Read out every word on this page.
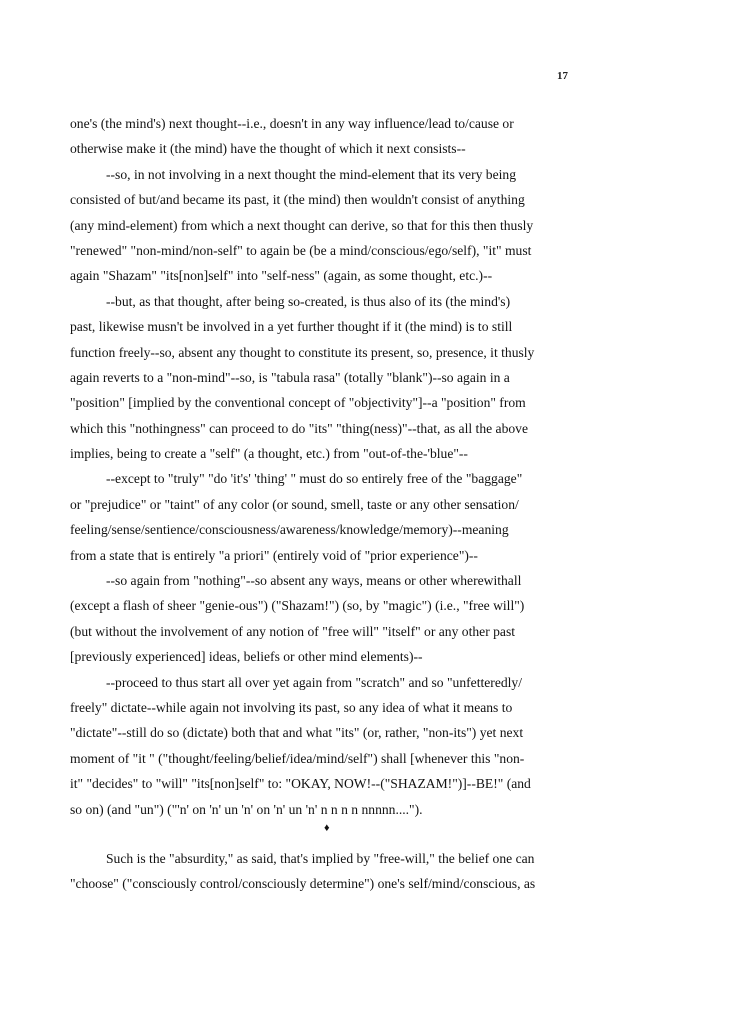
17
one's (the mind's) next thought--i.e., doesn't in any way influence/lead to/cause or
otherwise make it (the mind) have the thought of which it next consists--
--so, in not involving in a next thought the mind-element that its very being
consisted of but/and became its past, it (the mind) then wouldn't consist of anything
(any mind-element) from which a next thought can derive, so that for this then thusly
"renewed" "non-mind/non-self" to again be (be a mind/conscious/ego/self), "it" must
again "Shazam" "its[non]self" into "self-ness" (again, as some thought, etc.)--
--but, as that thought, after being so-created, is thus also of its (the mind's)
past, likewise musn't be involved in a yet further thought if it (the mind) is to still
function freely--so, absent any thought to constitute its present, so, presence, it thusly
again reverts to a "non-mind"--so, is "tabula rasa" (totally "blank")--so again in a
"position" [implied by the conventional concept of "objectivity"]--a "position" from
which this "nothingness" can proceed to do "its" "thing(ness)"--that, as all the above
implies, being to create a "self" (a thought, etc.) from "out-of-the-'blue"--
--except to "truly" "do 'it's' 'thing' " must do so entirely free of the "baggage"
or "prejudice" or "taint" of any color (or sound, smell, taste or any other sensation/
feeling/sense/sentience/consciousness/awareness/knowledge/memory)--meaning
from a state that is entirely "a priori" (entirely void of "prior experience")--
--so again from "nothing"--so absent any ways, means or other wherewithall
(except a flash of sheer "genie-ous") ("Shazam!") (so, by "magic") (i.e., "free will")
(but without the involvement of any notion of "free will" "itself" or any other past
[previously experienced] ideas, beliefs or other mind elements)--
--proceed to thus start all over yet again from "scratch" and so "unfetteredly/
freely" dictate--while again not involving its past, so any idea of what it means to
"dictate"--still do so (dictate) both that and what "its" (or, rather, "non-its") yet next
moment of "it " ("thought/feeling/belief/idea/mind/self") shall [whenever this "non-
it" "decides" to "will" "its[non]self" to: "OKAY, NOW!--("SHAZAM!")]--BE!" (and
so on) (and "un") ("'n' on 'n' un 'n' on 'n' un 'n' n n n n nnnnn....").
♦
Such is the "absurdity," as said, that's implied by "free-will," the belief one can
"choose" ("consciously control/consciously determine") one's self/mind/conscious, as
